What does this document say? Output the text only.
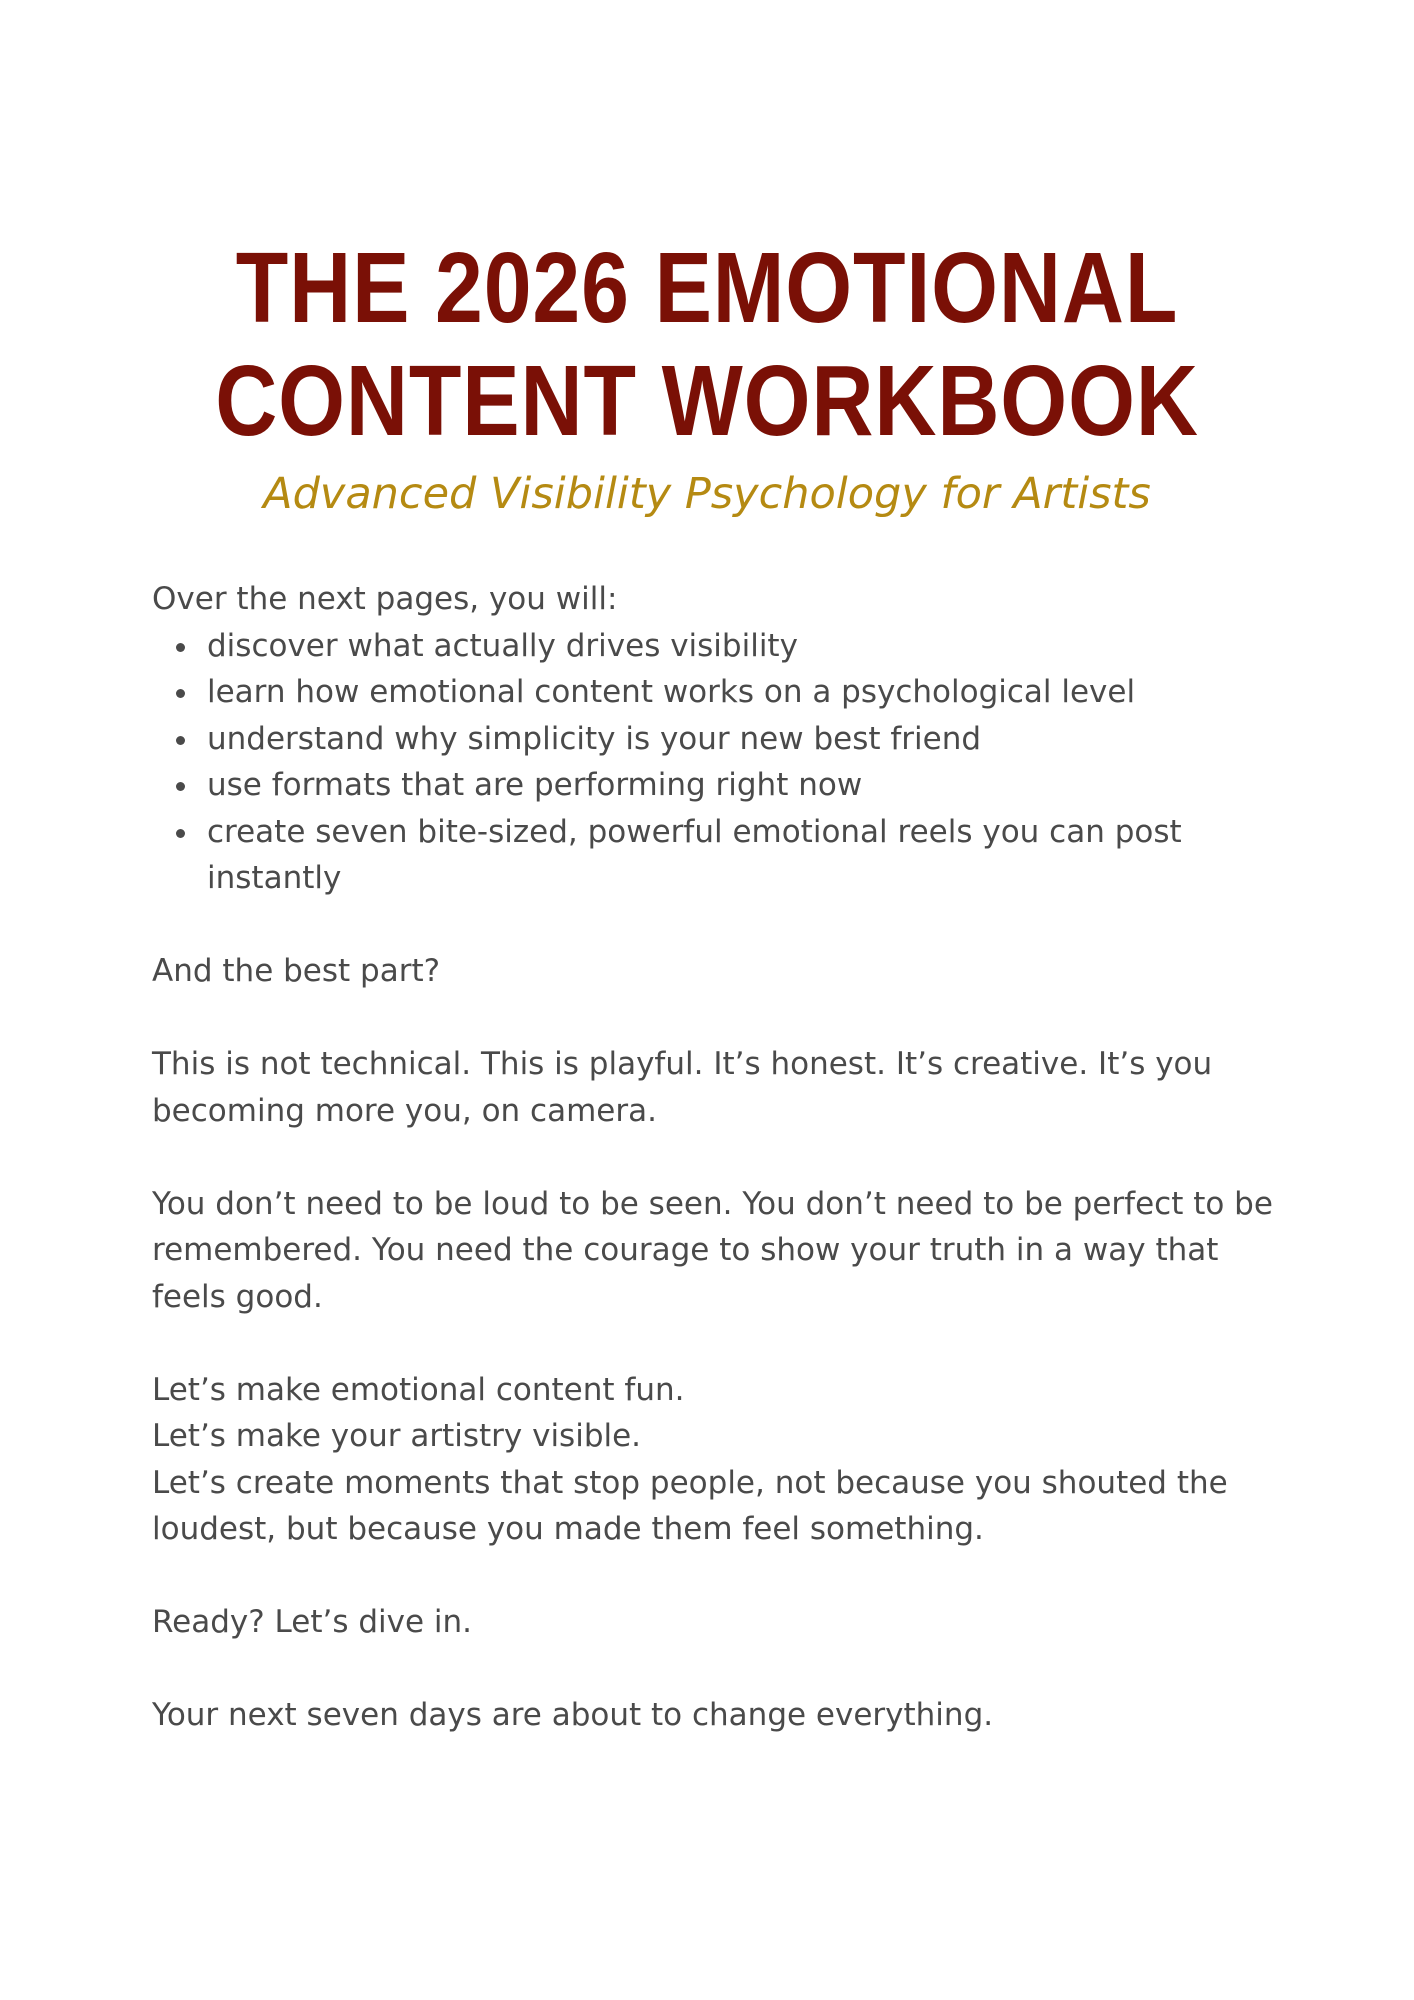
THE 2026 EMOTIONAL
CONTENT WORKBOOK

Advanced Visibility Psychology for Artists

Over the next pages, you will:

discover what actually drives visibility
learn how emotional content works on a psychological level
understand why simplicity is your new best friend
use formats that are performing right now
create seven bite-sized, powerful emotional reels you can post instantly

And the best part?

This is not technical. This is playful. It’s honest. It’s creative. It’s you becoming more you, on camera.

You don’t need to be loud to be seen. You don’t need to be perfect to be remembered. You need the courage to show your truth in a way that feels good.

Let’s make emotional content fun.

Let’s make your artistry visible.

Let’s create moments that stop people, not because you shouted the loudest, but because you made them feel something.

Ready? Let’s dive in.

Your next seven days are about to change everything.
